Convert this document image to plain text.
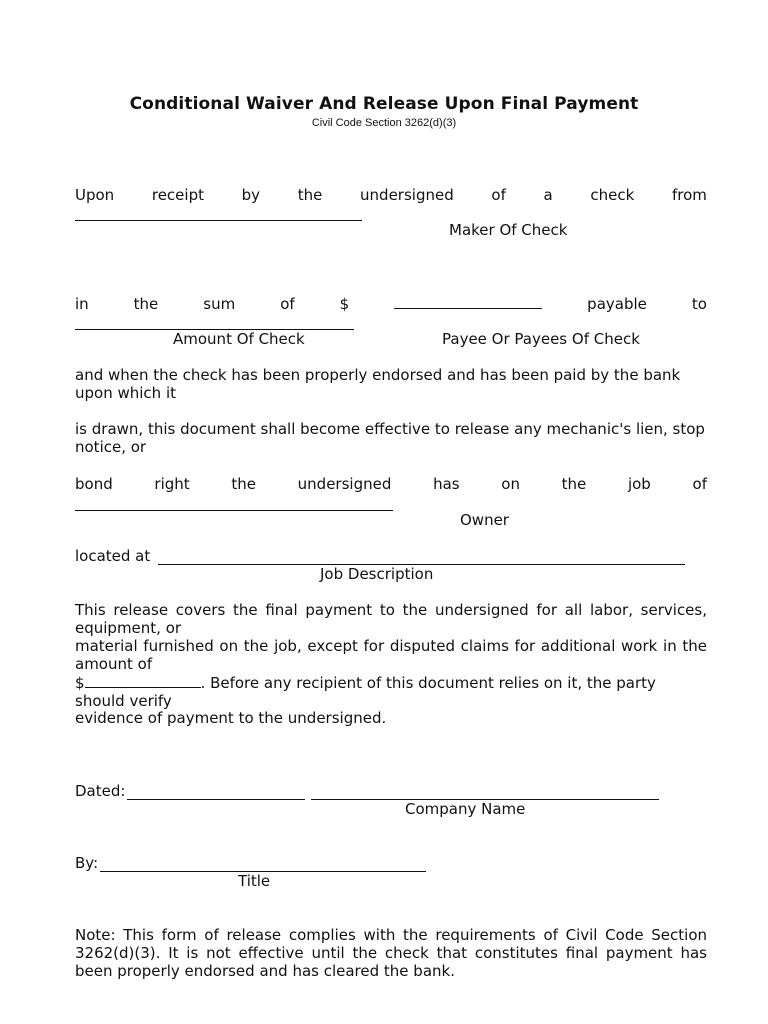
Conditional Waiver And Release Upon Final Payment
Civil Code Section 3262(d)(3)
Upon	receipt	by	the	undersigned	of	a	check	from
Maker Of Check
in	the	sum	of	$	payable	to
Amount Of Check	Payee Or Payees Of Check
and when the check has been properly endorsed and has been paid by the bank upon which it
is drawn, this document shall become effective to release any mechanic's lien, stop notice, or
bond	right	the	undersigned	has	on	the	job	of
Owner
located at
Job Description
This release covers the final payment to the undersigned for all labor, services, equipment, or
material furnished on the job, except for disputed claims for additional work in the amount of
$	. Before any recipient of this document relies on it, the party should verify
evidence of payment to the undersigned.
Dated:
Company Name
By:
Title
Note: This form of release complies with the requirements of Civil Code Section 3262(d)(3). It is not effective until the check that constitutes final payment has been properly endorsed and has cleared the bank.
